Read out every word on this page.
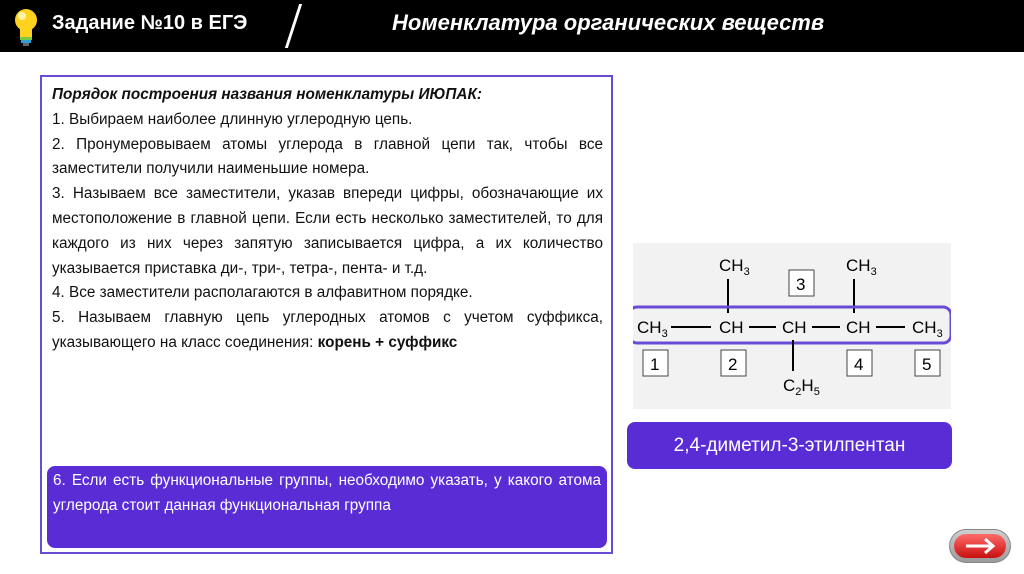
Задание №10 в ЕГЭ	Номенклатура органических веществ

Порядок построения названия номенклатуры ИЮПАК:

1. Выбираем наиболее длинную углеродную цепь.

2. Пронумеровываем атомы углерода в главной цепи так, чтобы все заместители получили наименьшие номера.

3. Называем все заместители, указав впереди цифры, обозначающие их местоположение в главной цепи. Если есть несколько заместителей, то для каждого из них через запятую записывается цифра, а их количество указывается приставка ди-, три-, тетра-, пента- и т.д.

4. Все заместители располагаются в алфавитном порядке.

5. Называем главную цепь углеродных атомов с учетом суффикса, указывающего на класс соединения: корень + суффикс

6. Если есть функциональные группы, необходимо указать, у какого атома углерода стоит данная функциональная группа
$CH_3$	$CH_3$
3
$CH_3$	CH CH CH $CH_3$
$C_2H_5$
1	2	4	5
2,4-диметил-3-этилпентан
